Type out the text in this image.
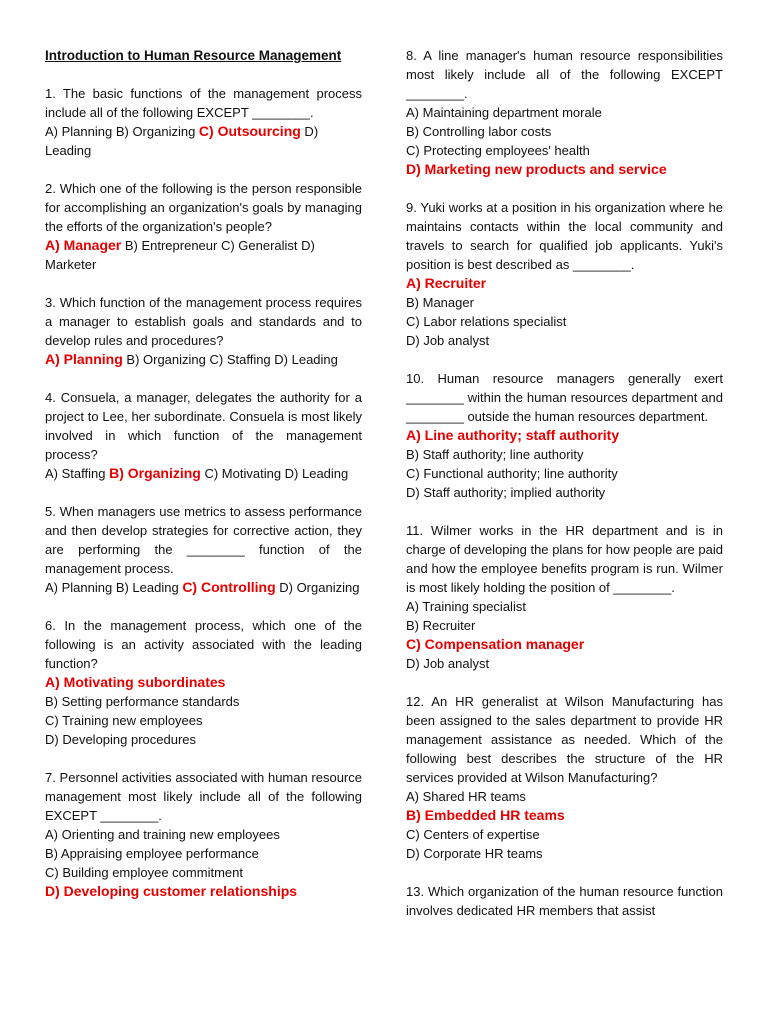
Introduction to Human Resource Management
1. The basic functions of the management process include all of the following EXCEPT ________.
A) Planning B) Organizing C) Outsourcing D) Leading
2. Which one of the following is the person responsible for accomplishing an organization's goals by managing the efforts of the organization's people?
A) Manager B) Entrepreneur C) Generalist D) Marketer
3. Which function of the management process requires a manager to establish goals and standards and to develop rules and procedures?
A) Planning B) Organizing C) Staffing D) Leading
4. Consuela, a manager, delegates the authority for a project to Lee, her subordinate. Consuela is most likely involved in which function of the management process?
A) Staffing B) Organizing C) Motivating D) Leading
5. When managers use metrics to assess performance and then develop strategies for corrective action, they are performing the ________ function of the management process.
A) Planning B) Leading C) Controlling D) Organizing
6. In the management process, which one of the following is an activity associated with the leading function?
A) Motivating subordinates
B) Setting performance standards
C) Training new employees
D) Developing procedures
7. Personnel activities associated with human resource management most likely include all of the following EXCEPT ________.
A) Orienting and training new employees
B) Appraising employee performance
C) Building employee commitment
D) Developing customer relationships
8. A line manager's human resource responsibilities most likely include all of the following EXCEPT ________.
A) Maintaining department morale
B) Controlling labor costs
C) Protecting employees' health
D) Marketing new products and service
9. Yuki works at a position in his organization where he maintains contacts within the local community and travels to search for qualified job applicants. Yuki's position is best described as ________.
A) Recruiter
B) Manager
C) Labor relations specialist
D) Job analyst
10. Human resource managers generally exert ________ within the human resources department and ________ outside the human resources department.
A) Line authority; staff authority
B) Staff authority; line authority
C) Functional authority; line authority
D) Staff authority; implied authority
11. Wilmer works in the HR department and is in charge of developing the plans for how people are paid and how the employee benefits program is run. Wilmer is most likely holding the position of ________.
A) Training specialist
B) Recruiter
C) Compensation manager
D) Job analyst
12. An HR generalist at Wilson Manufacturing has been assigned to the sales department to provide HR management assistance as needed. Which of the following best describes the structure of the HR services provided at Wilson Manufacturing?
A) Shared HR teams
B) Embedded HR teams
C) Centers of expertise
D) Corporate HR teams
13. Which organization of the human resource function involves dedicated HR members that assist
